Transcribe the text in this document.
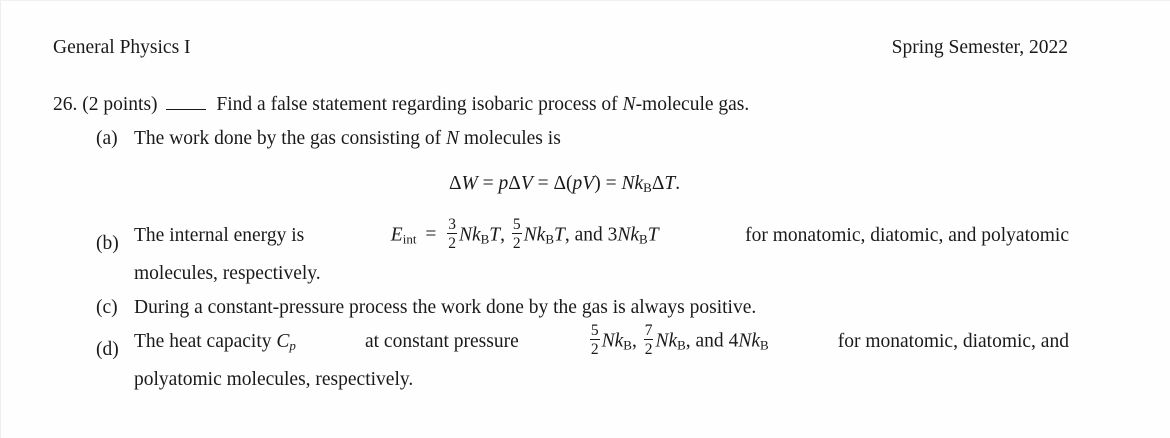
General Physics I	Spring Semester, 2022
26. (2 points)	Find a false statement regarding isobaric process of N-molecule gas.
(a) The work done by the gas consisting of N molecules is
$\Delta W = p\Delta V = \Delta(pV) = Nk_B\Delta T$.
(b) The internal energy is	$E_{int} = \frac{3}{2} Nk_BT$, $\frac{5}{2} Nk_BT$, and $3Nk_BT$	for monatomic, diatomic, and polyatomic
molecules, respectively.
(c) During a constant-pressure process the work done by the gas is always positive.
(d) The heat capacity $C_p$	at constant pressure	$\frac{5}{2} Nk_B$, $\frac{7}{2} Nk_B$, and $4Nk_B$	for monatomic, diatomic, and
polyatomic molecules, respectively.
